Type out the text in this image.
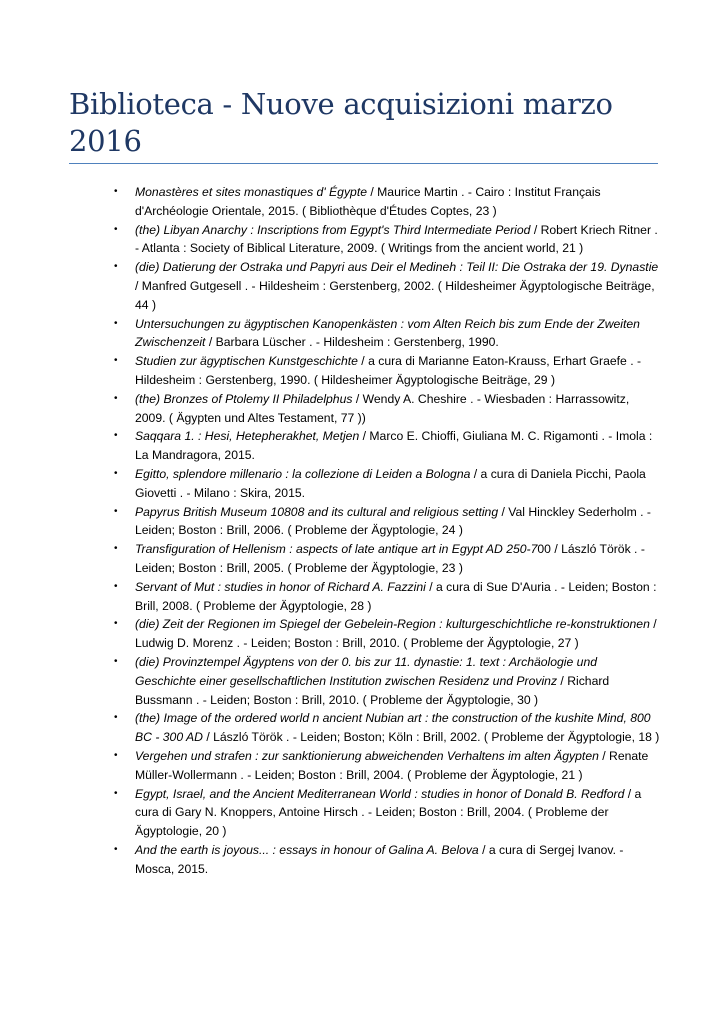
Biblioteca - Nuove acquisizioni marzo 2016
• Monastères et sites monastiques d' Égypte / Maurice Martin . - Cairo : Institut Français d'Archéologie Orientale, 2015. ( Bibliothèque d'Études Coptes, 23 )
• (the) Libyan Anarchy : Inscriptions from Egypt's Third Intermediate Period / Robert Kriech Ritner . - Atlanta : Society of Biblical Literature, 2009. ( Writings from the ancient world, 21 )
• (die) Datierung der Ostraka und Papyri aus Deir el Medineh : Teil II: Die Ostraka der 19. Dynastie / Manfred Gutgesell . - Hildesheim : Gerstenberg, 2002. ( Hildesheimer Ägyptologische Beiträge, 44 )
• Untersuchungen zu ägyptischen Kanopenkästen : vom Alten Reich bis zum Ende der Zweiten Zwischenzeit / Barbara Lüscher . - Hildesheim : Gerstenberg, 1990.
• Studien zur ägyptischen Kunstgeschichte / a cura di Marianne Eaton-Krauss, Erhart Graefe . - Hildesheim : Gerstenberg, 1990. ( Hildesheimer Ägyptologische Beiträge, 29 )
• (the) Bronzes of Ptolemy II Philadelphus / Wendy A. Cheshire . - Wiesbaden : Harrassowitz, 2009. ( Ägypten und Altes Testament, 77 ))
• Saqqara 1. : Hesi, Hetepherakhet, Metjen / Marco E. Chioffi, Giuliana M. C. Rigamonti . - Imola : La Mandragora, 2015.
• Egitto, splendore millenario : la collezione di Leiden a Bologna / a cura di Daniela Picchi, Paola Giovetti . - Milano : Skira, 2015.
• Papyrus British Museum 10808 and its cultural and religious setting / Val Hinckley Sederholm . - Leiden; Boston : Brill, 2006. ( Probleme der Ägyptologie, 24 )
• Transfiguration of Hellenism : aspects of late antique art in Egypt AD 250-700 / László Török . - Leiden; Boston : Brill, 2005. ( Probleme der Ägyptologie, 23 )
• Servant of Mut : studies in honor of Richard A. Fazzini / a cura di Sue D'Auria . - Leiden; Boston : Brill, 2008. ( Probleme der Ägyptologie, 28 )
• (die) Zeit der Regionen im Spiegel der Gebelein-Region : kulturgeschichtliche re-konstruktionen / Ludwig D. Morenz . - Leiden; Boston : Brill, 2010. ( Probleme der Ägyptologie, 27 )
• (die) Provinztempel Ägyptens von der 0. bis zur 11. dynastie: 1. text : Archäologie und Geschichte einer gesellschaftlichen Institution zwischen Residenz und Provinz / Richard Bussmann . - Leiden; Boston : Brill, 2010. ( Probleme der Ägyptologie, 30 )
• (the) Image of the ordered world n ancient Nubian art : the construction of the kushite Mind, 800 BC - 300 AD / László Török . - Leiden; Boston; Köln : Brill, 2002. ( Probleme der Ägyptologie, 18 )
• Vergehen und strafen : zur sanktionierung abweichenden Verhaltens im alten Ägypten / Renate Müller-Wollermann . - Leiden; Boston : Brill, 2004. ( Probleme der Ägyptologie, 21 )
• Egypt, Israel, and the Ancient Mediterranean World : studies in honor of Donald B. Redford / a cura di Gary N. Knoppers, Antoine Hirsch . - Leiden; Boston : Brill, 2004. ( Probleme der Ägyptologie, 20 )
• And the earth is joyous... : essays in honour of Galina A. Belova / a cura di Sergej Ivanov. - Mosca, 2015.
